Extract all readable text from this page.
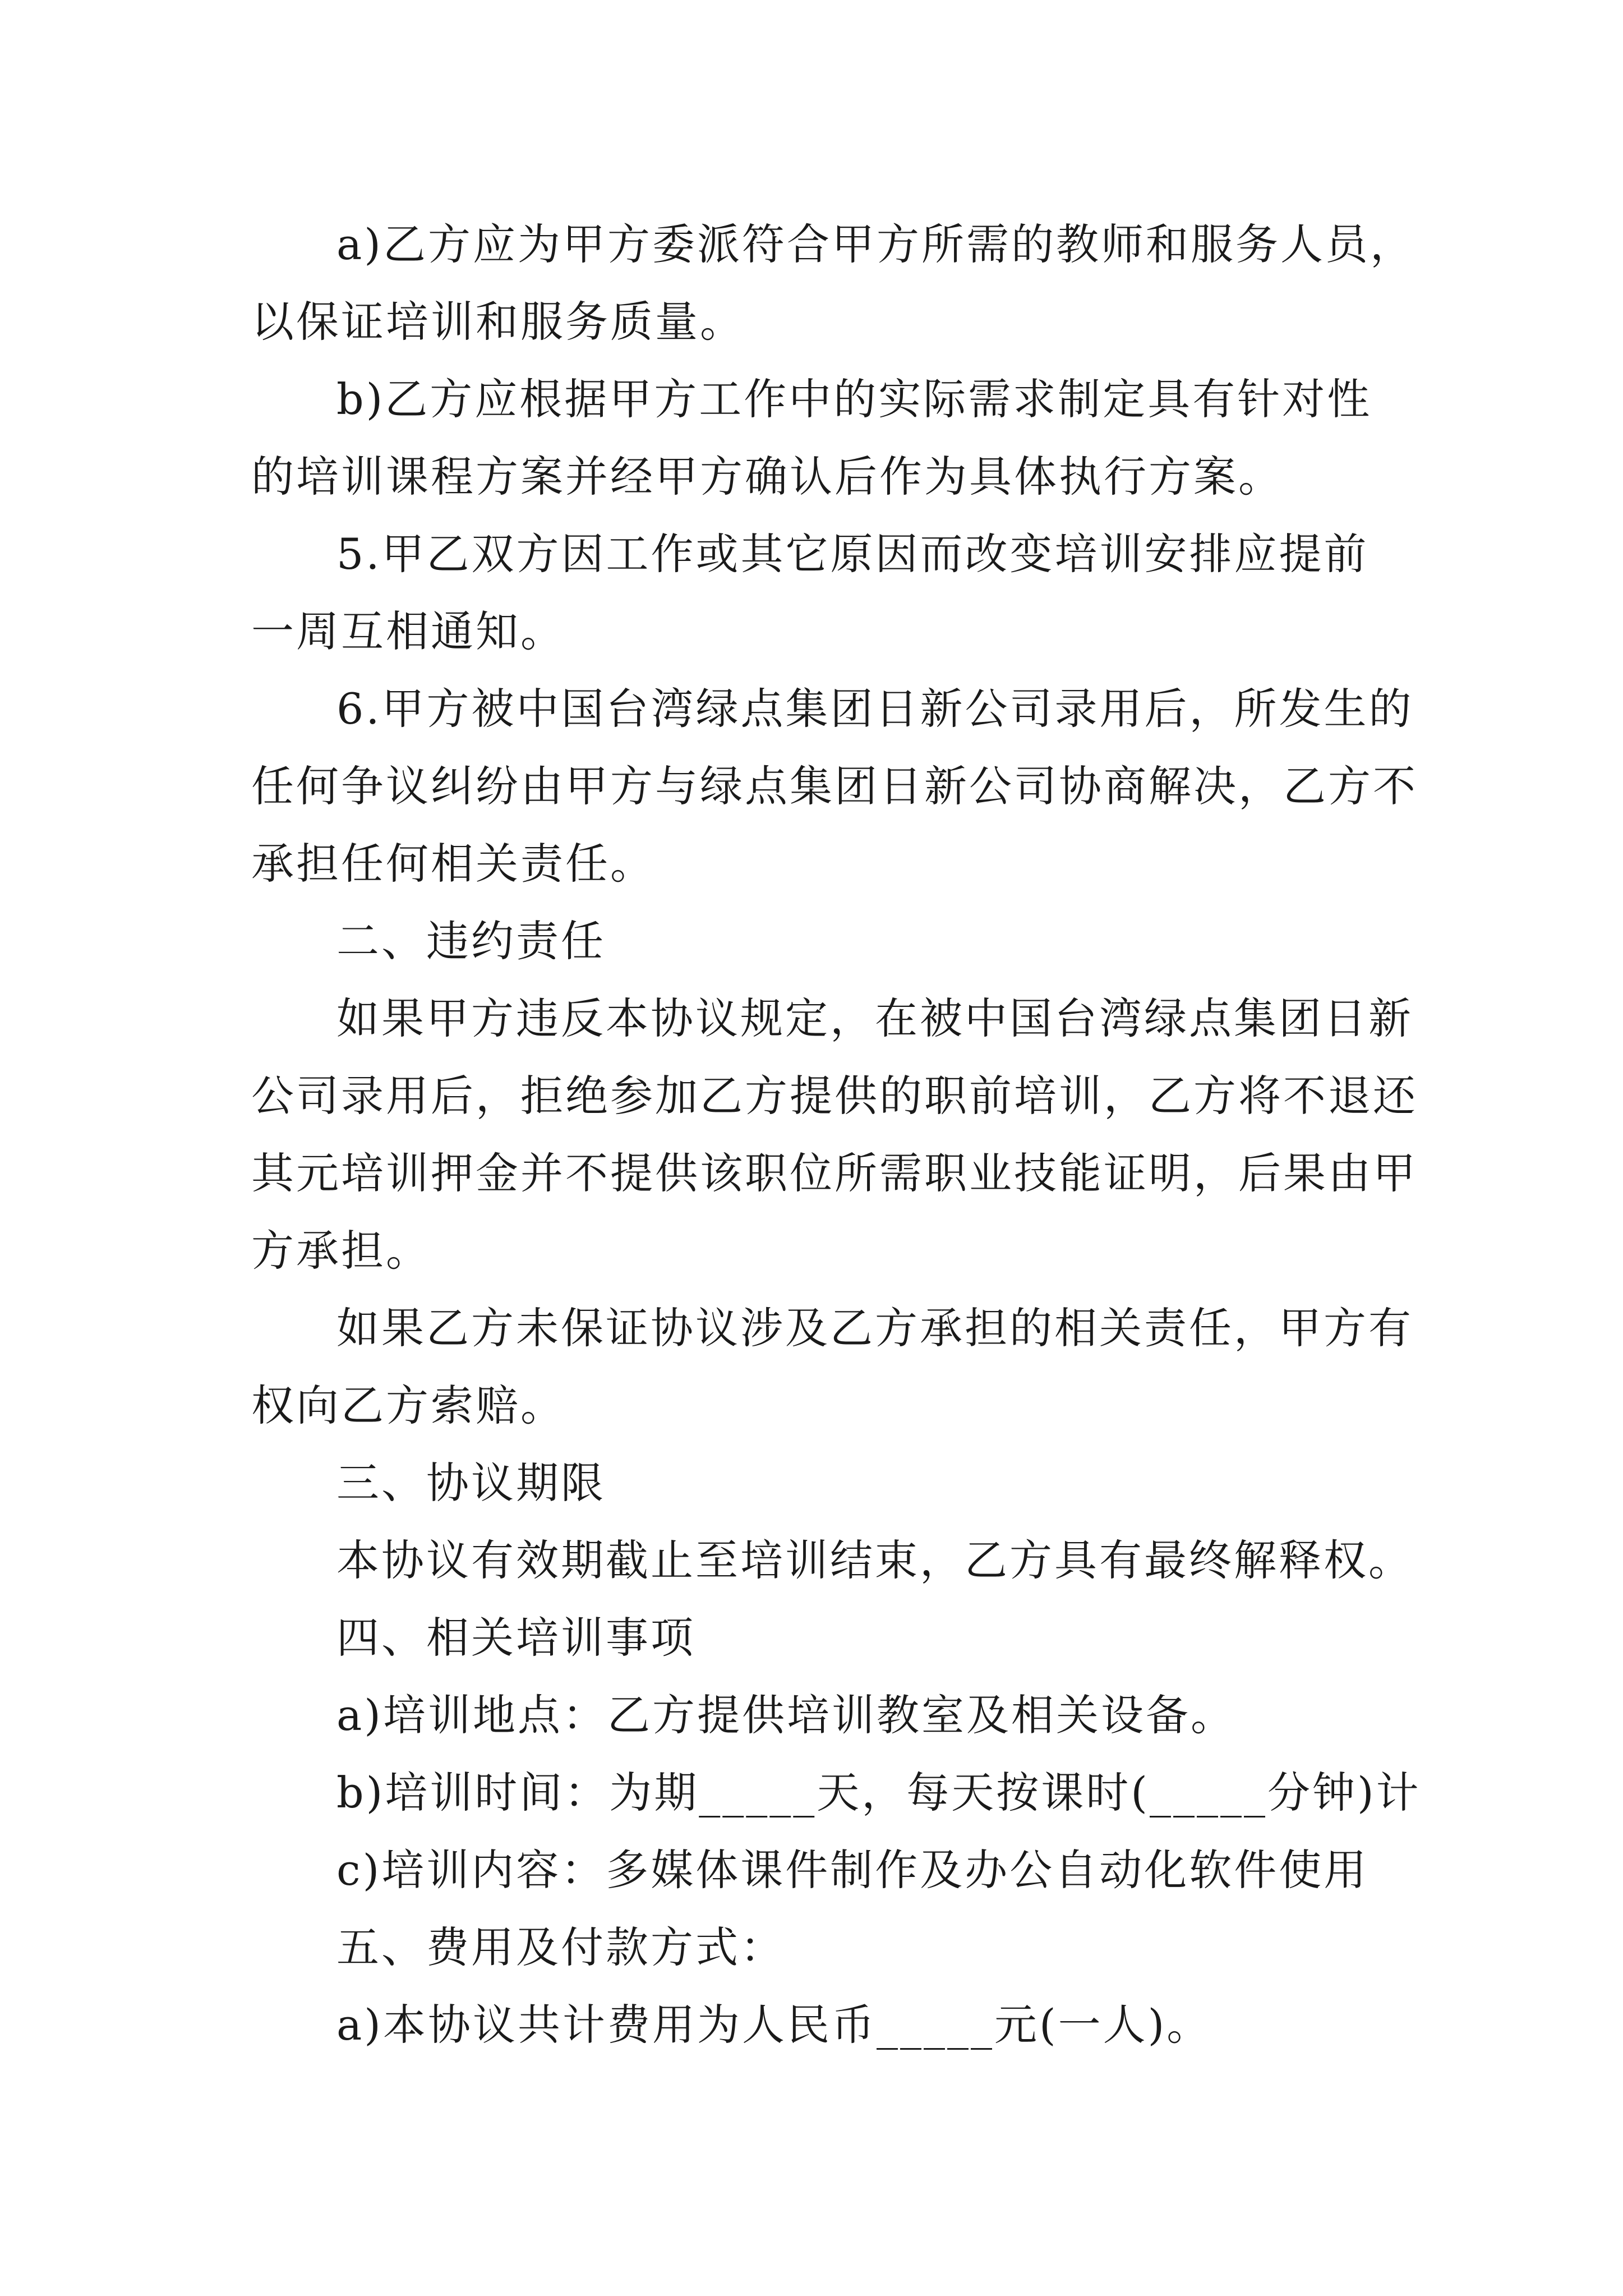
a)乙方应为甲方委派符合甲方所需的教师和服务人员，
以保证培训和服务质量。
b)乙方应根据甲方工作中的实际需求制定具有针对性
的培训课程方案并经甲方确认后作为具体执行方案。
5.甲乙双方因工作或其它原因而改变培训安排应提前
一周互相通知。
6.甲方被中国台湾绿点集团日新公司录用后，所发生的
任何争议纠纷由甲方与绿点集团日新公司协商解决，乙方不
承担任何相关责任。
二、违约责任
如果甲方违反本协议规定，在被中国台湾绿点集团日新
公司录用后，拒绝参加乙方提供的职前培训，乙方将不退还
其元培训押金并不提供该职位所需职业技能证明，后果由甲
方承担。
如果乙方未保证协议涉及乙方承担的相关责任，甲方有
权向乙方索赔。
三、协议期限
本协议有效期截止至培训结束，乙方具有最终解释权。
四、相关培训事项
a)培训地点：乙方提供培训教室及相关设备。
b)培训时间：为期_____天，每天按课时(_____分钟)计
c)培训内容：多媒体课件制作及办公自动化软件使用
五、费用及付款方式：
a)本协议共计费用为人民币_____元(一人)。
